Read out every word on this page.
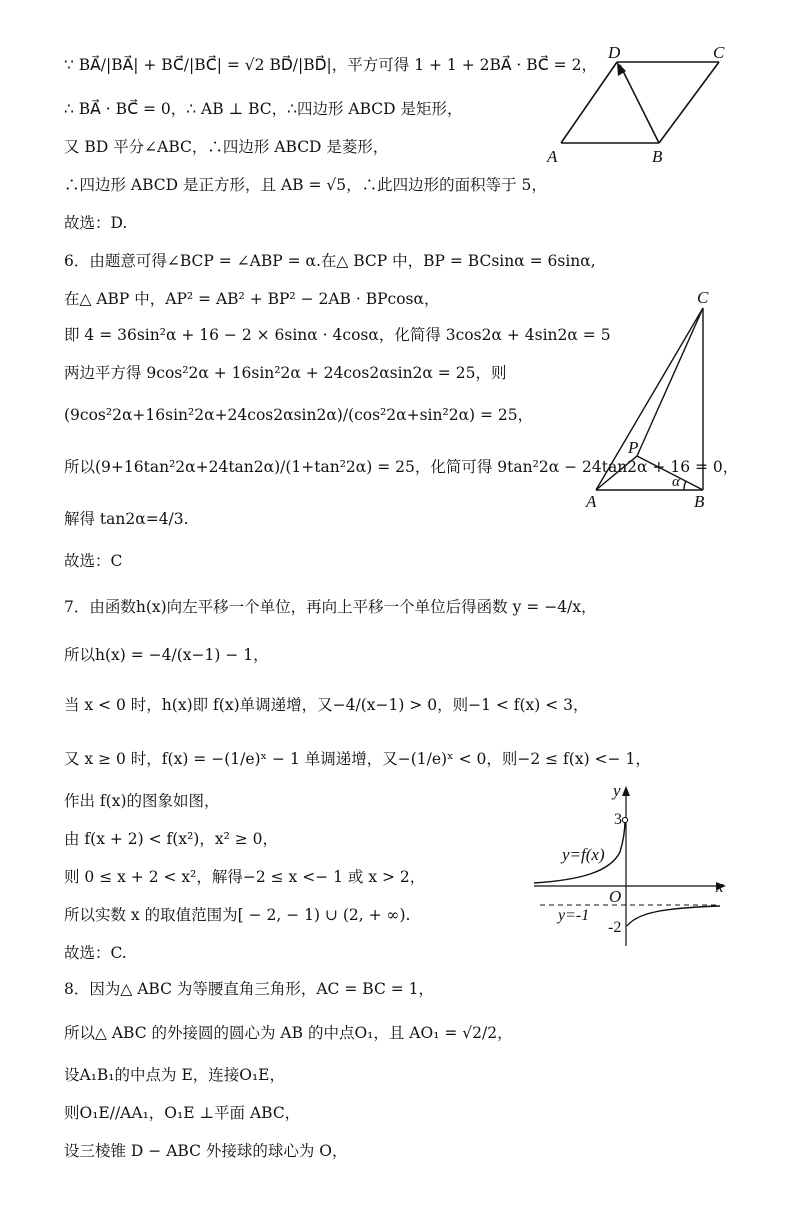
∵ BA⃗/|BA⃗| + BC⃗/|BC⃗| = √2 BD⃗/|BD⃗|，平方可得 1 + 1 + 2BA⃗ · BC⃗ = 2，
∴ BA⃗ · BC⃗ = 0，∴ AB ⊥ BC，∴四边形 ABCD 是矩形，
又 BD 平分∠ABC，∴四边形 ABCD 是菱形，
∴四边形 ABCD 是正方形，且 AB = √5，∴此四边形的面积等于 5，
故选：D.
D	C
A	B
6．由题意可得∠BCP = ∠ABP = α.在△ BCP 中，BP = BCsinα = 6sinα,
在△ ABP 中，AP² = AB² + BP² − 2AB · BPcosα，
即 4 = 36sin²α + 16 − 2 × 6sinα · 4cosα，化简得 3cos2α + 4sin2α = 5
两边平方得 9cos²2α + 16sin²2α + 24cos2αsin2α = 25，则
(9cos²2α+16sin²2α+24cos2αsin2α)/(cos²2α+sin²2α) = 25，
所以(9+16tan²2α+24tan2α)/(1+tan²2α) = 25，化简可得 9tan²2α − 24tan2α + 16 = 0，
解得 tan2α=4/3.
故选：C
C
P
α
A	B
7．由函数h(x)向左平移一个单位，再向上平移一个单位后得函数 y = −4/x，
所以h(x) = −4/(x−1) − 1，
当 x < 0 时，h(x)即 f(x)单调递增，又−4/(x−1) > 0，则−1 < f(x) < 3，
又 x ≥ 0 时，f(x) = −(1/e)ˣ − 1 单调递增，又−(1/e)ˣ < 0，则−2 ≤ f(x) <− 1，
作出 f(x)的图象如图，
由 f(x + 2) < f(x²)，x² ≥ 0，
则 0 ≤ x + 2 < x²，解得−2 ≤ x <− 1 或 x > 2，
所以实数 x 的取值范围为[ − 2, − 1) ∪ (2, + ∞).
故选：C.
y
x
O
3
-2
y=f(x)
y=-1
8．因为△ ABC 为等腰直角三角形，AC = BC = 1，
所以△ ABC 的外接圆的圆心为 AB 的中点O₁，且 AO₁ = √2/2，
设A₁B₁的中点为 E，连接O₁E，
则O₁E//AA₁，O₁E ⊥平面 ABC，
设三棱锥 D − ABC 外接球的球心为 O，
